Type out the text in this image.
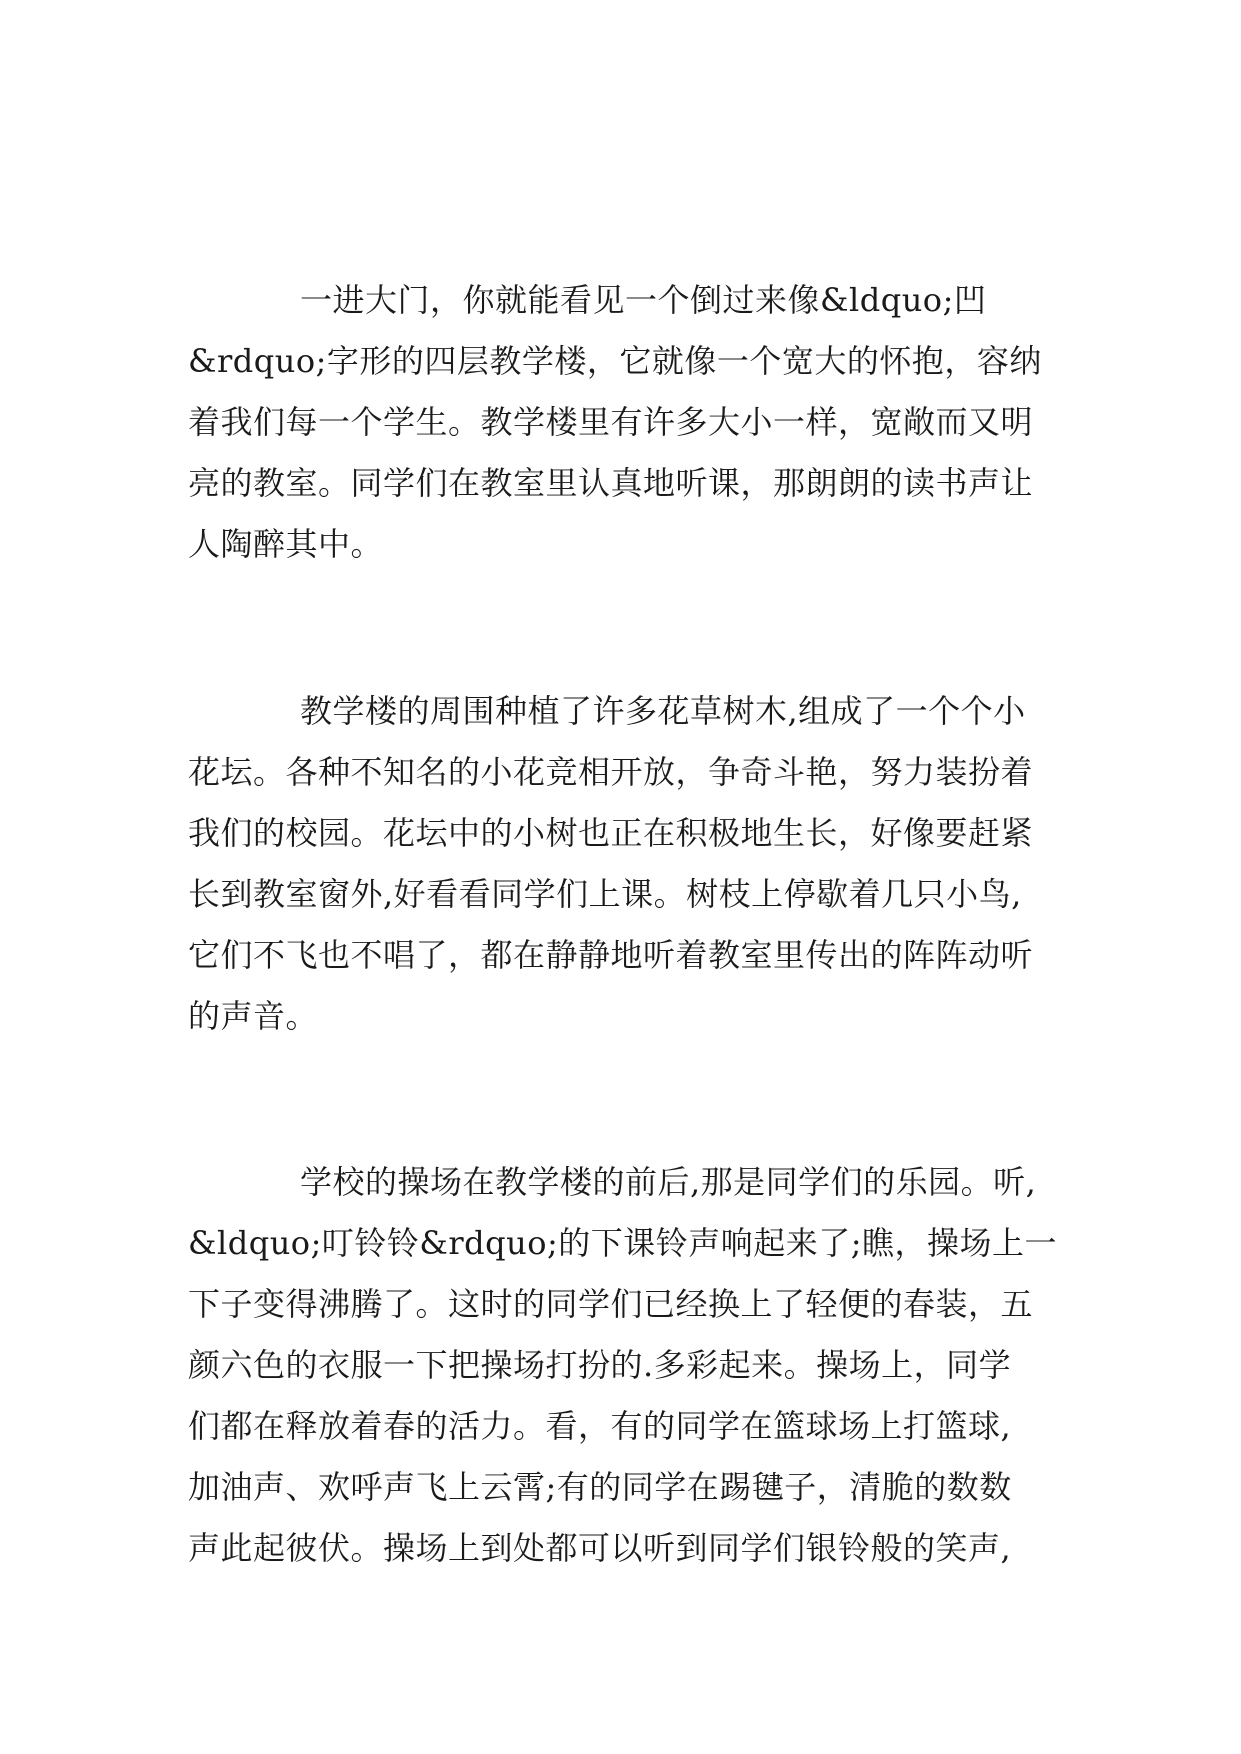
一进大门，你就能看见一个倒过来像&ldquo;凹
&rdquo;字形的四层教学楼，它就像一个宽大的怀抱，容纳
着我们每一个学生。教学楼里有许多大小一样，宽敞而又明
亮的教室。同学们在教室里认真地听课，那朗朗的读书声让
人陶醉其中。
教学楼的周围种植了许多花草树木,组成了一个个小
花坛。各种不知名的小花竞相开放，争奇斗艳，努力装扮着
我们的校园。花坛中的小树也正在积极地生长，好像要赶紧
长到教室窗外,好看看同学们上课。树枝上停歇着几只小鸟,
它们不飞也不唱了，都在静静地听着教室里传出的阵阵动听
的声音。
学校的操场在教学楼的前后,那是同学们的乐园。听,
&ldquo;叮铃铃&rdquo;的下课铃声响起来了;瞧，操场上一
下子变得沸腾了。这时的同学们已经换上了轻便的春装，五
颜六色的衣服一下把操场打扮的.多彩起来。操场上，同学
们都在释放着春的活力。看，有的同学在篮球场上打篮球,
加油声、欢呼声飞上云霄;有的同学在踢毽子，清脆的数数
声此起彼伏。操场上到处都可以听到同学们银铃般的笑声,
